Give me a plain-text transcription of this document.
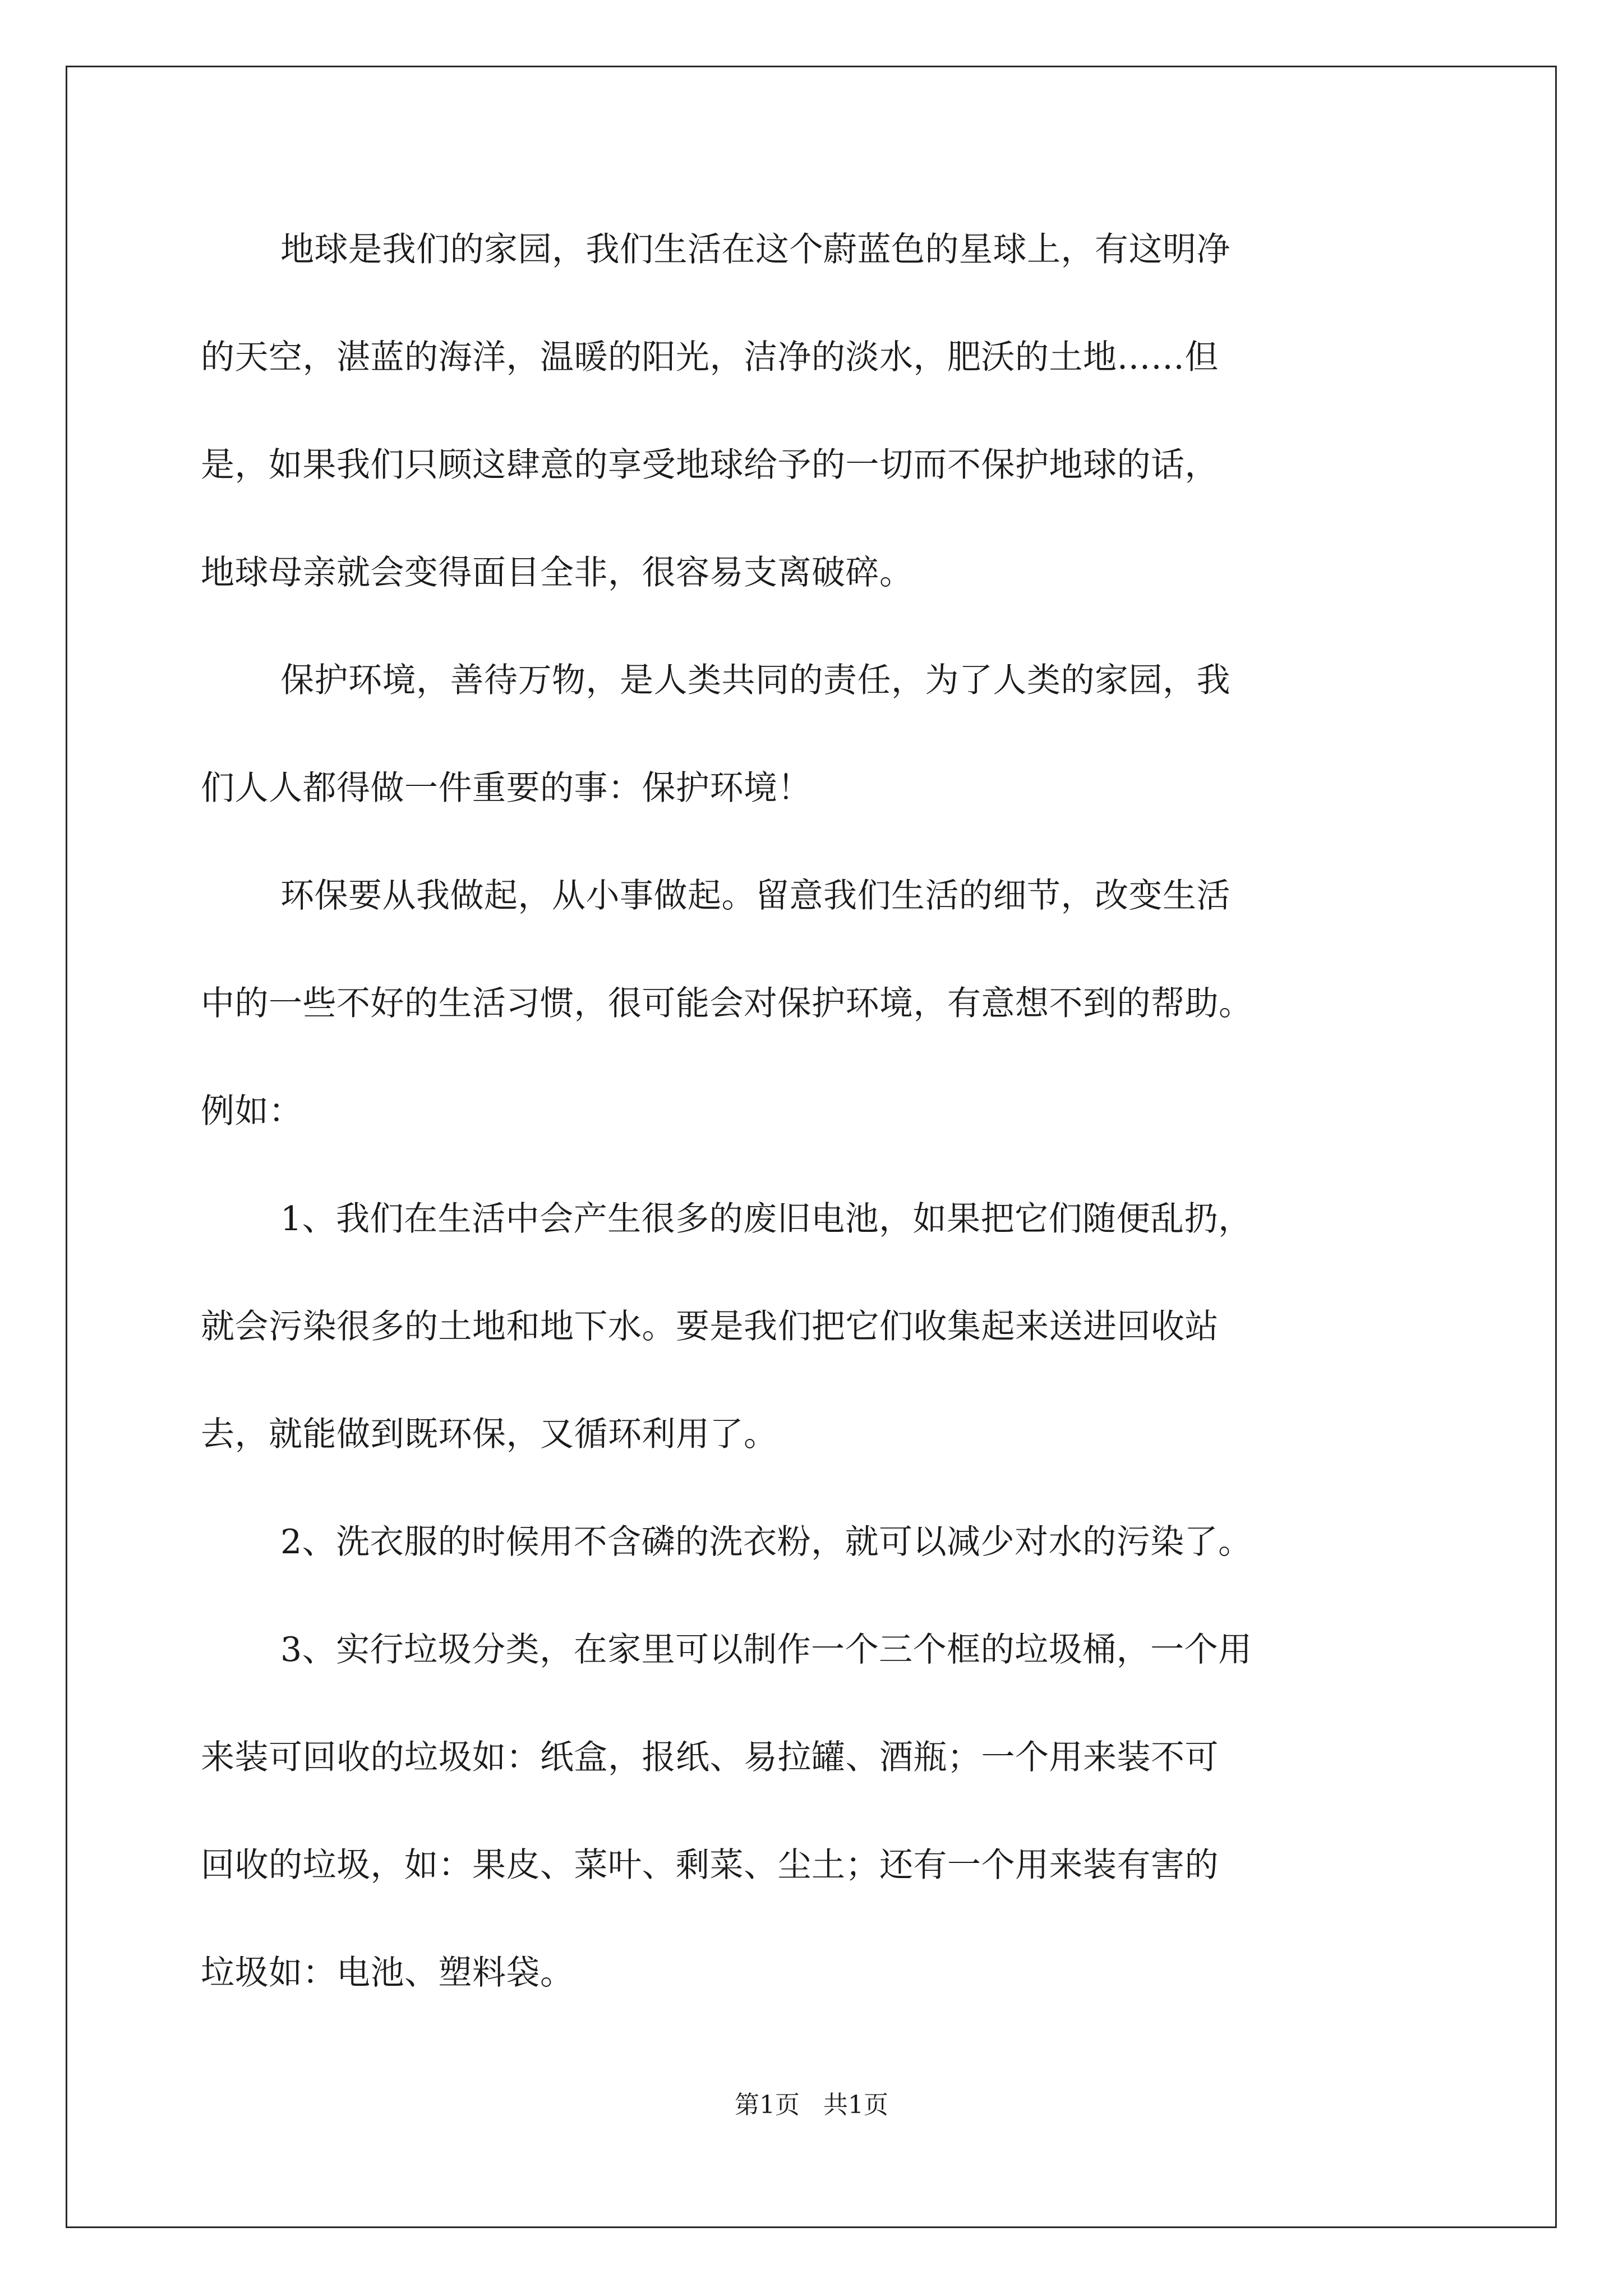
地球是我们的家园，我们生活在这个蔚蓝色的星球上，有这明净
的天空，湛蓝的海洋，温暖的阳光，洁净的淡水，肥沃的土地……但
是，如果我们只顾这肆意的享受地球给予的一切而不保护地球的话，
地球母亲就会变得面目全非，很容易支离破碎。
保护环境，善待万物，是人类共同的责任，为了人类的家园，我
们人人都得做一件重要的事：保护环境！
环保要从我做起，从小事做起。留意我们生活的细节，改变生活
中的一些不好的生活习惯，很可能会对保护环境，有意想不到的帮助。
例如：
1、我们在生活中会产生很多的废旧电池，如果把它们随便乱扔，
就会污染很多的土地和地下水。要是我们把它们收集起来送进回收站
去，就能做到既环保，又循环利用了。
2、洗衣服的时候用不含磷的洗衣粉，就可以减少对水的污染了。
3、实行垃圾分类，在家里可以制作一个三个框的垃圾桶，一个用
来装可回收的垃圾如：纸盒，报纸、易拉罐、酒瓶；一个用来装不可
回收的垃圾，如：果皮、菜叶、剩菜、尘土；还有一个用来装有害的
垃圾如：电池、塑料袋。
第1页   共1页
